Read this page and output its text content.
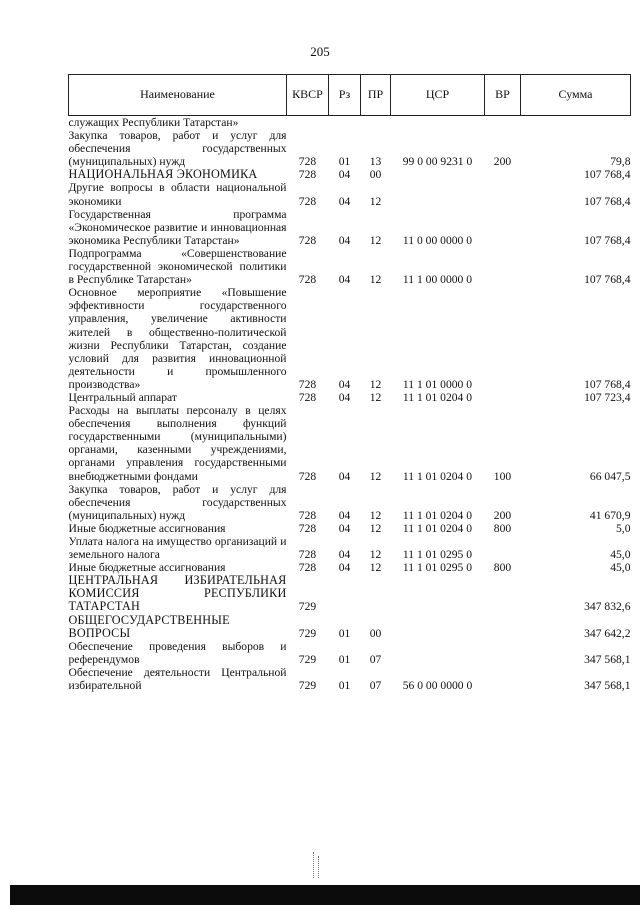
205
Наименование	КВСР	Рз	ПР	ЦСР	ВР	Сумма
служащих Республики Татарстан»						
Закупка товаров, работ и услуг для обеспечения государственных (муниципальных) нужд	728	01	13	99 0 00 9231 0	200	79,8
НАЦИОНАЛЬНАЯ ЭКОНОМИКА	728	04	00			107 768,4
Другие вопросы в области национальной экономики	728	04	12			107 768,4
Государственная программа «Экономическое развитие и инновационная экономика Республики Татарстан»	728	04	12	11 0 00 0000 0		107 768,4
Подпрограмма «Совершенствование государственной экономической политики в Республике Татарстан»	728	04	12	11 1 00 0000 0		107 768,4
Основное мероприятие «Повышение эффективности государственного управления, увеличение активности жителей в общественно-политической жизни Республики Татарстан, создание условий для развития инновационной деятельности и промышленного производства»	728	04	12	11 1 01 0000 0		107 768,4
Центральный аппарат	728	04	12	11 1 01 0204 0		107 723,4
Расходы на выплаты персоналу в целях обеспечения выполнения функций государственными (муниципальными) органами, казенными учреждениями, органами управления государственными внебюджетными фондами	728	04	12	11 1 01 0204 0	100	66 047,5
Закупка товаров, работ и услуг для обеспечения государственных (муниципальных) нужд	728	04	12	11 1 01 0204 0	200	41 670,9
Иные бюджетные ассигнования	728	04	12	11 1 01 0204 0	800	5,0
Уплата налога на имущество организаций и земельного налога	728	04	12	11 1 01 0295 0		45,0
Иные бюджетные ассигнования	728	04	12	11 1 01 0295 0	800	45,0
ЦЕНТРАЛЬНАЯ ИЗБИРАТЕЛЬНАЯ КОМИССИЯ РЕСПУБЛИКИ ТАТАРСТАН	729					347 832,6
ОБЩЕГОСУДАРСТВЕННЫЕ ВОПРОСЫ	729	01	00			347 642,2
Обеспечение проведения выборов и референдумов	729	01	07			347 568,1
Обеспечение деятельности Центральной избирательной	729	01	07	56 0 00 0000 0		347 568,1
